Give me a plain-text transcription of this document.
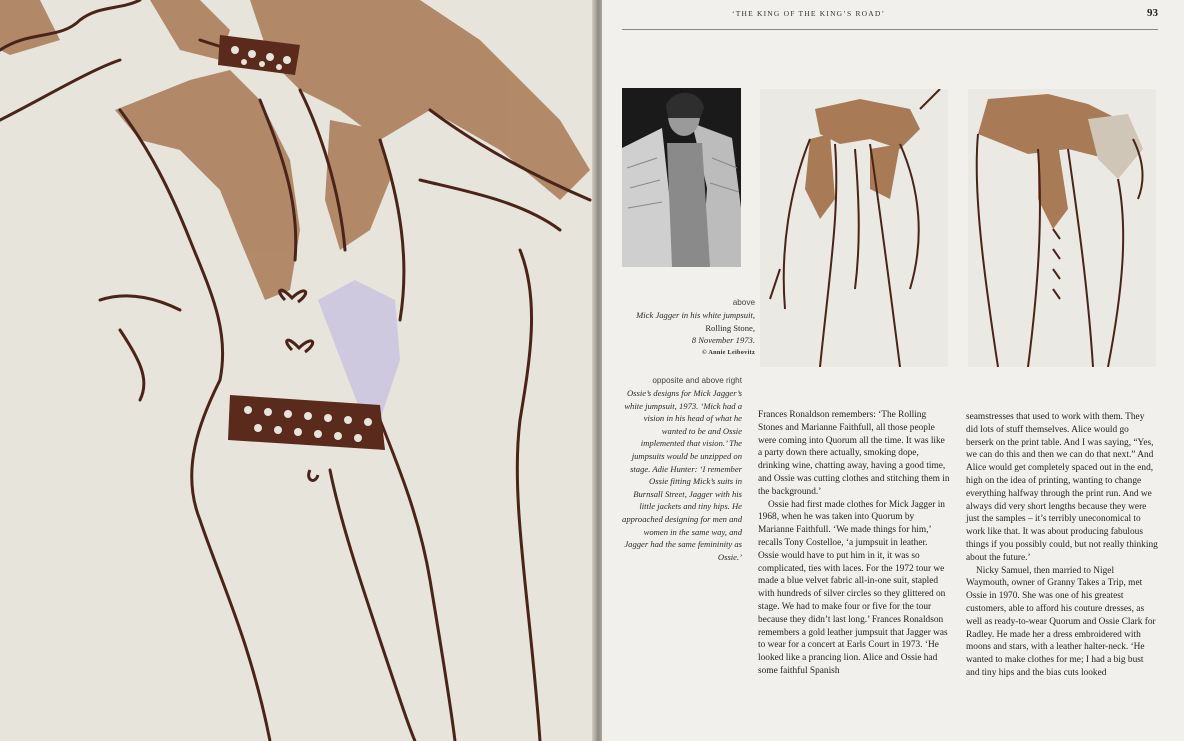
‘THE KING OF THE KING’S ROAD’	93
above
Mick Jagger in his white jumpsuit, Rolling Stone,
8 November 1973.
© Annie Leibovitz
opposite and above right
Ossie’s designs for Mick Jagger’s white jumpsuit, 1973. ‘Mick had a vision in his head of what he wanted to be and Ossie implemented that vision.’ The jumpsuits would be unzipped on stage. Adie Hunter: ‘I remember Ossie fitting Mick’s suits in Burnsall Street, Jagger with his little jackets and tiny hips. He approached designing for men and women in the same way, and Jagger had the same femininity as Ossie.’

Frances Ronaldson remembers: ‘The Rolling Stones and Marianne Faithfull, all those people were coming into Quorum all the time. It was like a party down there actually, smoking dope, drinking wine, chatting away, having a good time, and Ossie was cutting clothes and stitching them in the background.’

Ossie had first made clothes for Mick Jagger in 1968, when he was taken into Quorum by Marianne Faithfull. ‘We made things for him,’ recalls Tony Costelloe, ‘a jumpsuit in leather. Ossie would have to put him in it, it was so complicated, ties with laces. For the 1972 tour we made a blue velvet fabric all-in-one suit, stapled with hundreds of silver circles so they glittered on stage. We had to make four or five for the tour because they didn’t last long.’ Frances Ronaldson remembers a gold leather jumpsuit that Jagger was to wear for a concert at Earls Court in 1973. ‘He looked like a prancing lion. Alice and Ossie had some faithful Spanish

seamstresses that used to work with them. They did lots of stuff themselves. Alice would go berserk on the print table. And I was saying, “Yes, we can do this and then we can do that next.” And Alice would get completely spaced out in the end, high on the idea of printing, wanting to change everything halfway through the print run. And we always did very short lengths because they were just the samples – it’s terribly uneconomical to work like that. It was about producing fabulous things if you possibly could, but not really thinking about the future.’

Nicky Samuel, then married to Nigel Waymouth, owner of Granny Takes a Trip, met Ossie in 1970. She was one of his greatest customers, able to afford his couture dresses, as well as ready-to-wear Quorum and Ossie Clark for Radley. He made her a dress embroidered with moons and stars, with a leather halter-neck. ‘He wanted to make clothes for me; I had a big bust and tiny hips and the bias cuts looked
